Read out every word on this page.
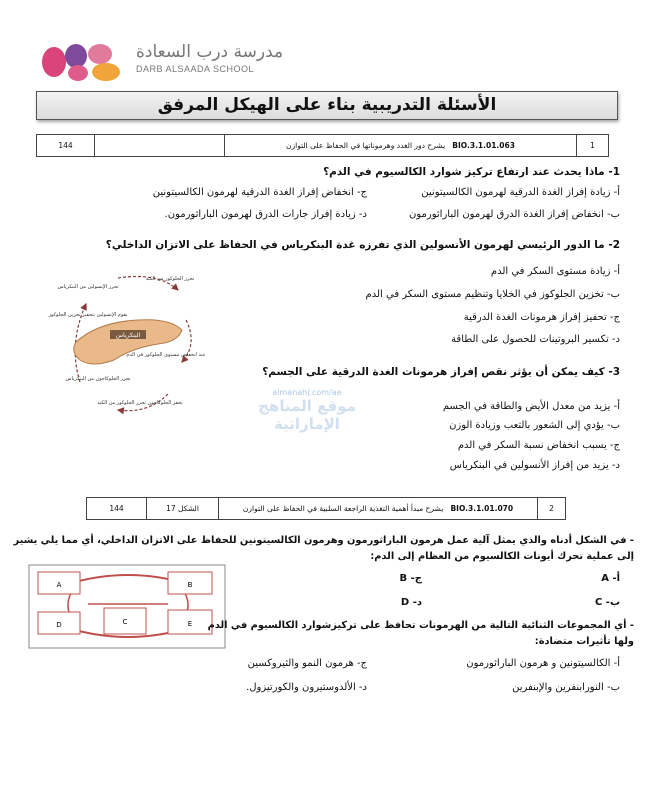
مدرسة درب السعادة
DARB ALSAADA SCHOOL
الأسئلة التدريبية بناء على الهيكل المرفق
144		BIO.3.1.01.063   يشرح دور الغدد وهرموناتها في الحفاظ على التوازن	1
1- ماذا يحدث عند ارتفاع تركيز شوارد الكالسيوم في الدم؟
أ- زيادة إفراز الغدة الدرقية لهرمون الكالسيتونين
ج- انخفاض إفراز الغدة الدرقية لهرمون الكالسيتونين
ب- انخفاض إفراز الغدة الدرق لهرمون الباراثورمون
د- زيادة إفراز جارات الدرق لهرمون الباراثورمون.
2- ما الدور الرئيسي لهرمون الأنسولين الذي تفرزه غدة البنكرياس في الحفاظ على الاتزان الداخلي؟
أ- زيادة مستوى السكر في الدم
ب- تخزين الجلوكوز في الخلايا وتنظيم مستوى السكر في الدم
ج- تحفيز إفراز هرمونات الغدة الدرقية
د- تكسير البروتينات للحصول على الطاقة
البنكرياس
تحرر الجلوكوز من الكبد
تحرر الإنسولين من البنكرياس
يقوم الإنسولين بتحفيز تخزين الجلوكوز
عند انخفاض مستوى الجلوكوز في الدم
تحرر الجلوكاجون من البنكرياس
يحفز الجلوكاجون تحرر الجلوكوز من الكبد
3- كيف يمكن أن يؤثر نقص إفراز هرمونات الغدة الدرقية على الجسم؟
أ- يزيد من معدل الأيض والطاقة في الجسم
ب- يؤدي إلى الشعور بالتعب وزيادة الوزن
ج- يسبب انخفاض نسبة السكر في الدم
د- يزيد من إفراز الأنسولين في البنكرياس
almanahj.com/ae
موقع المناهج الإماراتية
144	الشكل 17	BIO.3.1.01.070   يشرح مبدأ أهمية التغذية الراجعة السلبية في الحفاظ على التوازن	2
- في الشكل أدناه والذي يمثل آلية عمل هرمون الباراثورمون وهرمون الكالسيتونين للحفاظ على الاتزان الداخلي، أي مما يلي يشير
إلى عملية تحرك أيونات الكالسيوم من العظام إلى الدم:
أ- A
ج- B
ب- C
د- D
A
D	C
B
E - أي المجموعات الثنائية التالية من الهرمونات تحافظ على تركيزشوارد الكالسيوم في الدم
ولها تأثيرات متضادة:
أ- الكالسيتونين و هرمون الباراثورمون
ج- هرمون النمو والثيروكسين
ب- النورابنفرين والإبنفرين
د- الألدوستيرون والكورتيزول.
